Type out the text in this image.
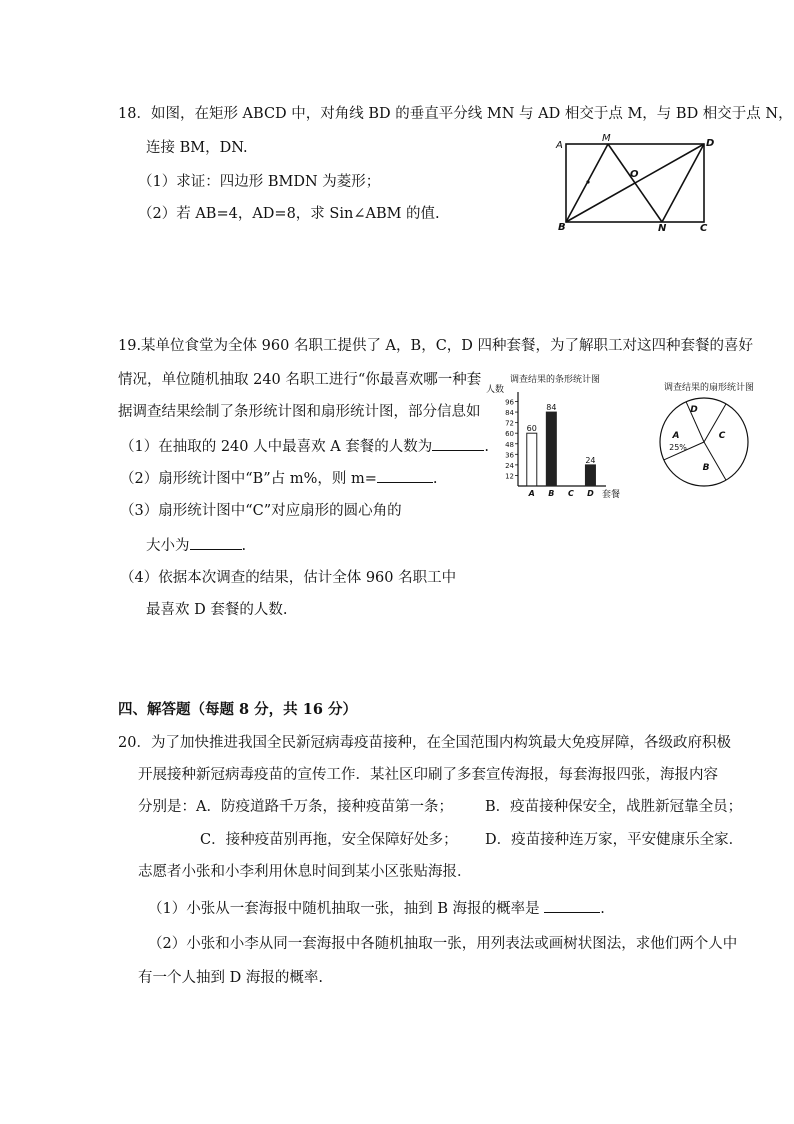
18．如图，在矩形 ABCD 中，对角线 BD 的垂直平分线 MN 与 AD 相交于点 M，与 BD 相交于点 N，
连接 BM，DN.
（1）求证：四边形 BMDN 为菱形；
（2）若 AB=4，AD=8，求 Sin∠ABM 的值.
A
M	D
O
B	N	C
19.某单位食堂为全体 960 名职工提供了 A，B，C，D 四种套餐，为了解职工对这四种套餐的喜好
情况，单位随机抽取 240 名职工进行“你最喜欢哪一种套
据调查结果绘制了条形统计图和扇形统计图，部分信息如
（1）在抽取的 240 人中最喜欢 A 套餐的人数为	.
（2）扇形统计图中“B”占 m%，则 m=	.
（3）扇形统计图中“C”对应扇形的圆心角的
大小为	.
（4）依据本次调查的结果，估计全体 960 名职工中
最喜欢 D 套餐的人数.
调查结果的条形统计图
人数
套餐
12
24
36
48
60
72
84
96
60
A
84
B C
24
D
调查结果的扇形统计图
A
B
C
D
25%
四、解答题（每题 8 分，共 16 分）
20．为了加快推进我国全民新冠病毒疫苗接种，在全国范围内构筑最大免疫屏障，各级政府积极
开展接种新冠病毒疫苗的宣传工作．某社区印刷了多套宣传海报，每套海报四张，海报内容
分别是：A．防疫道路千万条，接种疫苗第一条； B．疫苗接种保安全，战胜新冠靠全员；
C．接种疫苗别再拖，安全保障好处多； D．疫苗接种连万家，平安健康乐全家．
志愿者小张和小李利用休息时间到某小区张贴海报．
（1）小张从一套海报中随机抽取一张，抽到 B 海报的概率是	.
（2）小张和小李从同一套海报中各随机抽取一张，用列表法或画树状图法，求他们两个人中
有一个人抽到 D 海报的概率.
